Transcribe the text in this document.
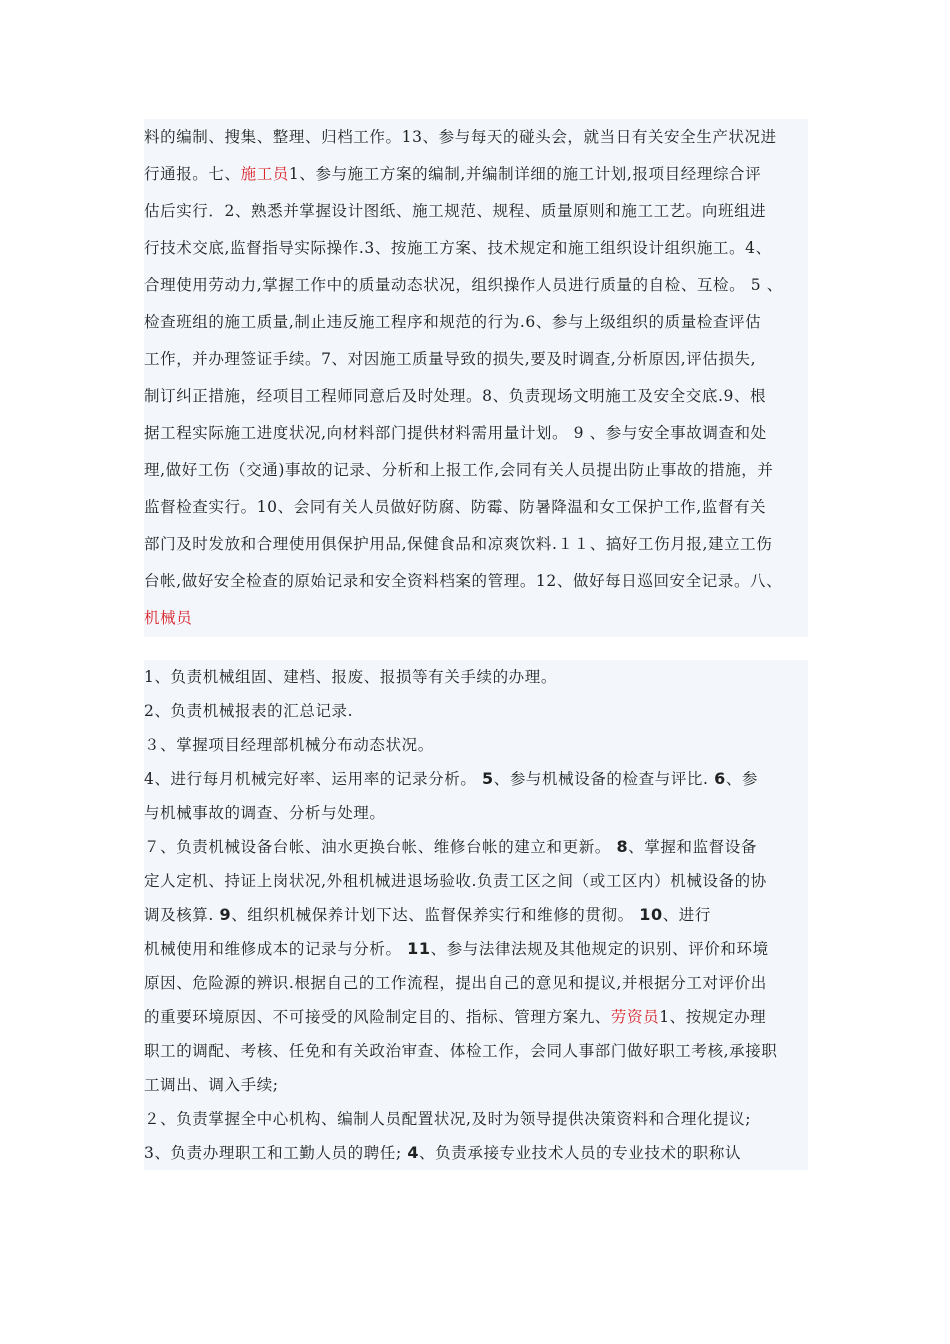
料的编制、搜集、整理、归档工作。13、参与每天的碰头会，就当日有关安全生产状况进
行通报。七、施工员1、参与施工方案的编制,并编制详细的施工计划,报项目经理综合评
估后实行．2、熟悉并掌握设计图纸、施工规范、规程、质量原则和施工工艺。向班组进
行技术交底,监督指导实际操作.3、按施工方案、技术规定和施工组织设计组织施工。4、
合理使用劳动力,掌握工作中的质量动态状况，组织操作人员进行质量的自检、互检。 5 、
检查班组的施工质量,制止违反施工程序和规范的行为.6、参与上级组织的质量检查评估
工作，并办理签证手续。7、对因施工质量导致的损失,要及时调查,分析原因,评估损失,
制订纠正措施，经项目工程师同意后及时处理。8、负责现场文明施工及安全交底.9、根
据工程实际施工进度状况,向材料部门提供材料需用量计划。 9 、参与安全事故调查和处
理,做好工伤（交通)事故的记录、分析和上报工作,会同有关人员提出防止事故的措施，并
监督检查实行。10、会同有关人员做好防腐、防霉、防暑降温和女工保护工作,监督有关
部门及时发放和合理使用俱保护用品,保健食品和凉爽饮料.１１、搞好工伤月报,建立工伤
台帐,做好安全检查的原始记录和安全资料档案的管理。12、做好每日巡回安全记录。八、
机械员
1、负责机械组固、建档、报废、报损等有关手续的办理。
2、负责机械报表的汇总记录.
３、掌握项目经理部机械分布动态状况。
4、进行每月机械完好率、运用率的记录分析。 5、参与机械设备的检查与评比. 6、参
与机械事故的调查、分析与处理。
７、负责机械设备台帐、油水更换台帐、维修台帐的建立和更新。 8、掌握和监督设备
定人定机、持证上岗状况,外租机械进退场验收.负责工区之间（或工区内）机械设备的协
调及核算. 9、组织机械保养计划下达、监督保养实行和维修的贯彻。 10、进行
机械使用和维修成本的记录与分析。 11、参与法律法规及其他规定的识别、评价和环境
原因、危险源的辨识.根据自己的工作流程，提出自己的意见和提议,并根据分工对评价出
的重要环境原因、不可接受的风险制定目的、指标、管理方案九、劳资员1、按规定办理
职工的调配、考核、任免和有关政治审查、体检工作，会同人事部门做好职工考核,承接职
工调出、调入手续;
２、负责掌握全中心机构、编制人员配置状况,及时为领导提供决策资料和合理化提议;
3、负责办理职工和工勤人员的聘任; 4、负责承接专业技术人员的专业技术的职称认
